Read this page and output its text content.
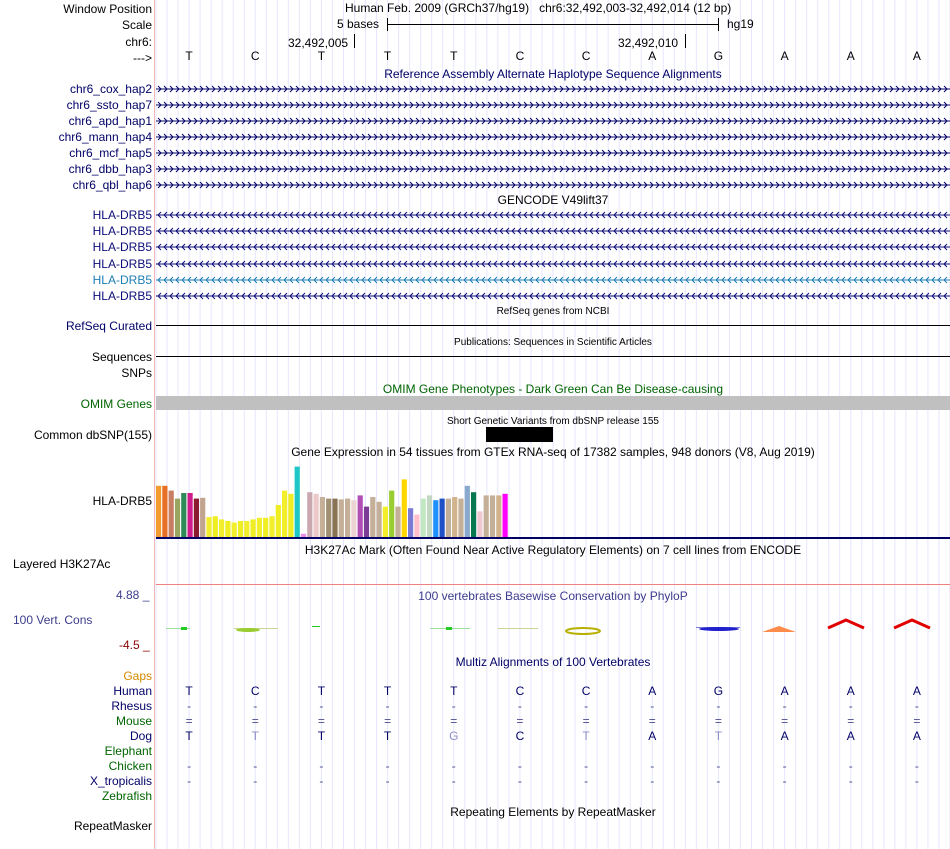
Window Position
Scale
chr6:
--->
Human Feb. 2009 (GRCh37/hg19)   chr6:32,492,003-32,492,014 (12 bp)
5 bases	hg19
32,492,005	32,492,010
T	C	T	T	T	C	C	A	G	A	A	A
Reference Assembly Alternate Haplotype Sequence Alignments
chr6_cox_hap2
chr6_ssto_hap7
chr6_apd_hap1
chr6_mann_hap4
chr6_mcf_hap5
chr6_dbb_hap3
chr6_qbl_hap6
GENCODE V49lift37
HLA-DRB5
HLA-DRB5
HLA-DRB5
HLA-DRB5
HLA-DRB5
HLA-DRB5
RefSeq genes from NCBI
RefSeq Curated
Publications: Sequences in Scientific Articles
Sequences
SNPs
OMIM Gene Phenotypes - Dark Green Can Be Disease-causing
OMIM Genes
Short Genetic Variants from dbSNP release 155
Common dbSNP(155)
Gene Expression in 54 tissues from GTEx RNA-seq of 17382 samples, 948 donors (V8, Aug 2019)
HLA-DRB5
H3K27Ac Mark (Often Found Near Active Regulatory Elements) on 7 cell lines from ENCODE
Layered H3K27Ac
100 vertebrates Basewise Conservation by PhyloP
4.88 _
100 Vert. Cons
-4.5 _
Multiz Alignments of 100 Vertebrates
Gaps
Human	T	C	T	T	T	C	C	A	G	A	A	A
Rhesus	-	-	-	-	-	-	-	-	-	-	-	-
Mouse	=	=	=	=	=	=	=	=	=	=	=	=
Dog	T	T	T	T	G	C	T	A	T	A	A	A
Elephant
Chicken	-	-	-	-	-	-	-	-	-	-	-	-
X_tropicalis	-	-	-	-	-	-	-	-	-	-	-	-
Zebrafish
Repeating Elements by RepeatMasker
RepeatMasker
